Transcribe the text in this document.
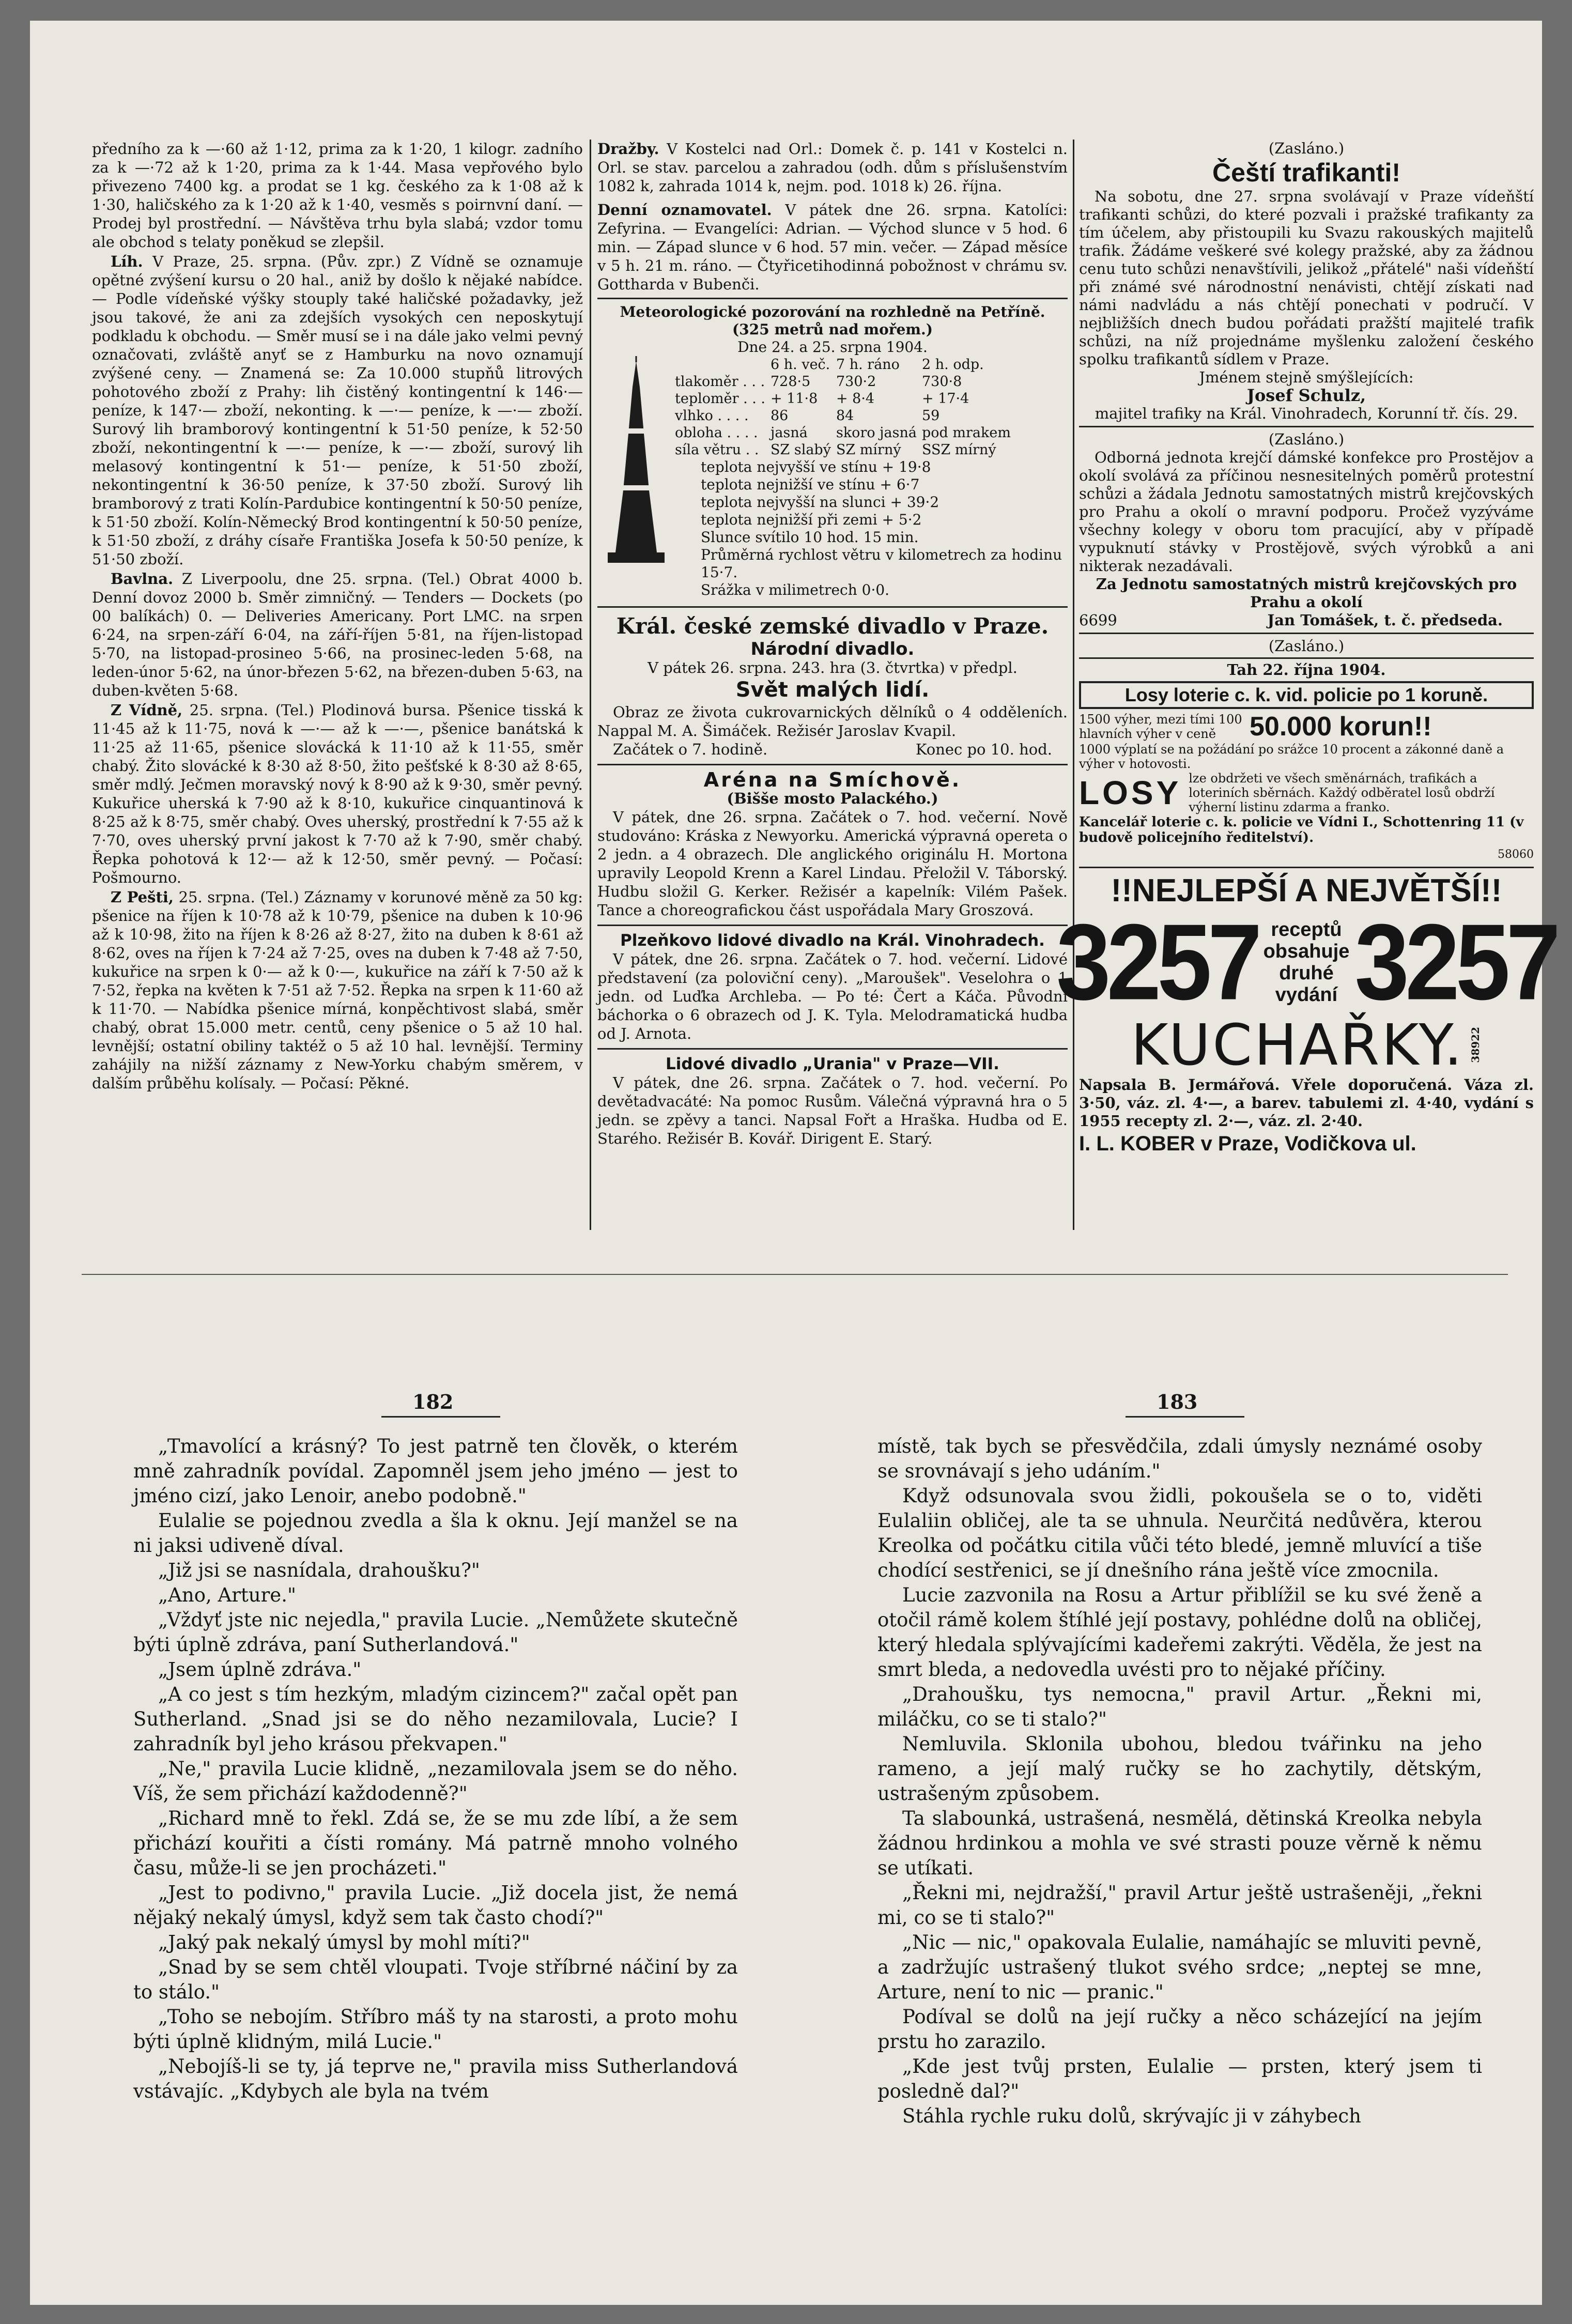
předního za k —·60 až 1·12, prima za k 1·20, 1 kilogr. zadního za k —·72 až k 1·20, prima za k 1·44. Masa vepřového bylo přivezeno 7400 kg. a prodat se 1 kg. českého za k 1·08 až k 1·30, haličského za k 1·20 až k 1·40, vesměs s poirnvní daní. — Prodej byl prostřední. — Návštěva trhu byla slabá; vzdor tomu ale obchod s telaty poněkud se zlepšil.

Líh. V Praze, 25. srpna. (Pův. zpr.) Z Vídně se oznamuje opětné zvýšení kursu o 20 hal., aniž by došlo k nějaké nabídce. — Podle vídeňské výšky stouply také haličské požadavky, jež jsou takové, že ani za zdejších vysokých cen neposkytují podkladu k obchodu. — Směr musí se i na dále jako velmi pevný označovati, zvláště anyť se z Hamburku na novo oznamují zvýšené ceny. — Znamená se: Za 10.000 stupňů litrových pohotového zboží z Prahy: lih čistěný kontingentní k 146·— peníze, k 147·— zboží, nekonting. k —·— peníze, k —·— zboží. Surový lih bramborový kontingentní k 51·50 peníze, k 52·50 zboží, nekontingentní k —·— peníze, k —·— zboží, surový lih melasový kontingentní k 51·— peníze, k 51·50 zboží, nekontingentní k 36·50 peníze, k 37·50 zboží. Surový lih bramborový z trati Kolín-Pardubice kontingentní k 50·50 peníze, k 51·50 zboží. Kolín-Německý Brod kontingentní k 50·50 peníze, k 51·50 zboží, z dráhy císaře Františka Josefa k 50·50 peníze, k 51·50 zboží.

Bavlna. Z Liverpoolu, dne 25. srpna. (Tel.) Obrat 4000 b. Denní dovoz 2000 b. Směr zimničný. — Tenders — Dockets (po 00 balíkách) 0. — Deliveries Americany. Port LMC. na srpen 6·24, na srpen-září 6·04, na září-říjen 5·81, na říjen-listopad 5·70, na listopad-prosineo 5·66, na prosinec-leden 5·68, na leden-únor 5·62, na únor-březen 5·62, na březen-duben 5·63, na duben-květen 5·68.

Z Vídně, 25. srpna. (Tel.) Plodinová bursa. Pšenice tisská k 11·45 až k 11·75, nová k —·— až k —·—, pšenice banátská k 11·25 až 11·65, pšenice slovácká k 11·10 až k 11·55, směr chabý. Žito slovácké k 8·30 až 8·50, žito pešťské k 8·30 až 8·65, směr mdlý. Ječmen moravský nový k 8·90 až k 9·30, směr pevný. Kukuřice uherská k 7·90 až k 8·10, kukuřice cinquantinová k 8·25 až k 8·75, směr chabý. Oves uherský, prostřední k 7·55 až k 7·70, oves uherský první jakost k 7·70 až k 7·90, směr chabý. Řepka pohotová k 12·— až k 12·50, směr pevný. — Počasí: Pošmourno.

Z Pešti, 25. srpna. (Tel.) Záznamy v korunové měně za 50 kg: pšenice na říjen k 10·78 až k 10·79, pšenice na duben k 10·96 až k 10·98, žito na říjen k 8·26 až 8·27, žito na duben k 8·61 až 8·62, oves na říjen k 7·24 až 7·25, oves na duben k 7·48 až 7·50, kukuřice na srpen k 0·— až k 0·—, kukuřice na září k 7·50 až k 7·52, řepka na květen k 7·51 až 7·52. Řepka na srpen k 11·60 až k 11·70. — Nabídka pšenice mírná, konpěchtivost slabá, směr chabý, obrat 15.000 metr. centů, ceny pšenice o 5 až 10 hal. levnější; ostatní obiliny taktéž o 5 až 10 hal. levnější. Terminy zahájily na nižší záznamy z New-Yorku chabým směrem, v dalším průběhu kolísaly. — Počasí: Pěkné.

Dražby. V Kostelci nad Orl.: Domek č. p. 141 v Kostelci n. Orl. se stav. parcelou a zahradou (odh. dům s příslušenstvím 1082 k, zahrada 1014 k, nejm. pod. 1018 k) 26. října.

Denní oznamovatel. V pátek dne 26. srpna. Katolíci: Zefyrina. — Evangelíci: Adrian. — Východ slunce v 5 hod. 6 min. — Západ slunce v 6 hod. 57 min. večer. — Západ měsíce v 5 h. 21 m. ráno. — Čtyřicetihodinná pobožnost v chrámu sv. Gottharda v Bubenči.

Meteorologické pozorování na rozhledně na Petříně.
(325 metrů nad mořem.)
Dne 24. a 25. srpna 1904.
	6 h. več.	7 h. ráno	2 h. odp.
tlakoměr . . .	728·5	730·2	730·8
teploměr . . .	+ 11·8	+ 8·4	+ 17·4
vlhko . . . .	86	84	59
obloha . . . .	jasná	skoro jasná	pod mrakem
síla větru . .	SZ slabý	SZ mírný	SSZ mírný
teplota nejvyšší ve stínu + 19·8
teplota nejnižší ve stínu + 6·7
teplota nejvyšší na slunci + 39·2
teplota nejnižší při zemi + 5·2
Slunce svítilo 10 hod. 15 min.
Průměrná rychlost větru v kilometrech za hodinu 15·7.
Srážka v milimetrech 0·0.
Král. české zemské divadlo v Praze.
Národní divadlo.
V pátek 26. srpna. 243. hra (3. čtvrtka) v předpl.
Svět malých lidí.

Obraz ze života cukrovarnických dělníků o 4 odděleních. Nappal M. A. Šimáček. Režisér Jaroslav Kvapil.

Začátek o 7. hodině.	Konec po 10. hod.
Aréna na Smíchově.
(Bišše mosto Palackého.)

V pátek, dne 26. srpna. Začátek o 7. hod. večerní. Nově studováno: Kráska z Newyorku. Americká výpravná opereta o 2 jedn. a 4 obrazech. Dle anglického originálu H. Mortona upravily Leopold Krenn a Karel Lindau. Přeložil V. Táborský. Hudbu složil G. Kerker. Režisér a kapelník: Vilém Pašek. Tance a choreografickou část uspořádala Mary Groszová.

Plzeňkovo lidové divadlo na Král. Vinohradech.

V pátek, dne 26. srpna. Začátek o 7. hod. večerní. Lidové představení (za poloviční ceny). „Maroušek". Veselohra o 1 jedn. od Luďka Archleba. — Po té: Čert a Káča. Původní báchorka o 6 obrazech od J. K. Tyla. Melodramatická hudba od J. Arnota.

Lidové divadlo „Urania" v Praze—VII.

V pátek, dne 26. srpna. Začátek o 7. hod. večerní. Po devětadvacáté: Na pomoc Rusům. Válečná výpravná hra o 5 jedn. se zpěvy a tanci. Napsal Fořt a Hraška. Hudba od E. Starého. Režisér B. Kovář. Dirigent E. Starý.

(Zasláno.)
Čeští trafikanti!

Na sobotu, dne 27. srpna svolávají v Praze vídeňští trafikanti schůzi, do které pozvali i pražské trafikanty za tím účelem, aby přistoupili ku Svazu rakouských majitelů trafik. Žádáme veškeré své kolegy pražské, aby za žádnou cenu tuto schůzi nenavštívili, jelikož „přátelé" naši vídeňští při známé své národnostní nenávisti, chtějí získati nad námi nadvládu a nás chtějí ponechati v područí. V nejbližších dnech budou pořádati pražští majitelé trafik schůzi, na níž projednáme myšlenku založení českého spolku trafikantů sídlem v Praze.

Jménem stejně smýšlejících:
Josef Schulz,
majitel trafiky na Král. Vinohradech, Korunní tř. čís. 29.
(Zasláno.)

Odborná jednota krejčí dámské konfekce pro Prostějov a okolí svolává za příčinou nesnesitelných poměrů protestní schůzi a žádala Jednotu samostatných mistrů krejčovských pro Prahu a okolí o mravní podporu. Pročež vyzýváme všechny kolegy v oboru tom pracující, aby v případě vypuknutí stávky v Prostějově, svých výrobků a ani nikterak nezadávali.

Za Jednotu samostatných mistrů krejčovských pro Prahu a okolí
6699	Jan Tomášek, t. č. předseda.
(Zasláno.)
Tah 22. října 1904.
Losy loterie c. k. vid. policie po 1 koruně.
1500 výher, mezi tími 100 hlavních výher v ceně	50.000 korun!!
1000 výplatí se na požádání po srážce 10 procent a zákonné daně a výher v hotovosti.
LOSY lze obdržeti ve všech směnárnách, trafikách a loteriních sběrnách. Každý odběratel losů obdrží výherní listinu zdarma a franko.
Kancelář loterie c. k. policie ve Vídni I., Schottenring 11 (v budově policejního ředitelství).
58060
!!NEJLEPŠÍ A NEJVĚTŠÍ!!
3257 receptů
obsahuje
druhé
vydání 3257
KUCHAŘKY. 38922
Napsala B. Jermářová. Vřele doporučená. Váza zl. 3·50, váz. zl. 4·—, a barev. tabulemi zl. 4·40, vydání s 1955 recepty zl. 2·—, váz. zl. 2·40.
I. L. KOBER v Praze, Vodičkova ul.
182	183

„Tmavolící a krásný? To jest patrně ten člověk, o kterém mně zahradník povídal. Zapomněl jsem jeho jméno — jest to jméno cizí, jako Lenoir, anebo podobně."

Eulalie se pojednou zvedla a šla k oknu. Její manžel se na ni jaksi udiveně díval.

„Již jsi se nasnídala, drahoušku?"

„Ano, Arture."

„Vždyť jste nic nejedla," pravila Lucie. „Nemůžete skutečně býti úplně zdráva, paní Sutherlandová."

„Jsem úplně zdráva."

„A co jest s tím hezkým, mladým cizincem?" začal opět pan Sutherland. „Snad jsi se do něho nezamilovala, Lucie? I zahradník byl jeho krásou překvapen."

„Ne," pravila Lucie klidně, „nezamilovala jsem se do něho. Víš, že sem přichází každodenně?"

„Richard mně to řekl. Zdá se, že se mu zde líbí, a že sem přichází kouřiti a čísti romány. Má patrně mnoho volného času, může-li se jen procházeti."

„Jest to podivno," pravila Lucie. „Již docela jist, že nemá nějaký nekalý úmysl, když sem tak často chodí?"

„Jaký pak nekalý úmysl by mohl míti?"

„Snad by se sem chtěl vloupati. Tvoje stříbrné náčiní by za to stálo."

„Toho se nebojím. Stříbro máš ty na starosti, a proto mohu býti úplně klidným, milá Lucie."

„Nebojíš-li se ty, já teprve ne," pravila miss Sutherlandová vstávajíc. „Kdybych ale byla na tvém

místě, tak bych se přesvědčila, zdali úmysly neznámé osoby se srovnávají s jeho udáním."

Když odsunovala svou židli, pokoušela se o to, viděti Eulaliin obličej, ale ta se uhnula. Neurčitá nedůvěra, kterou Kreolka od počátku citila vůči této bledé, jemně mluvící a tiše chodící sestřenici, se jí dnešního rána ještě více zmocnila.

Lucie zazvonila na Rosu a Artur přiblížil se ku své ženě a otočil rámě kolem štíhlé její postavy, pohlédne dolů na obličej, který hledala splývajícími kadeřemi zakrýti. Věděla, že jest na smrt bleda, a nedovedla uvésti pro to nějaké příčiny.

„Drahoušku, tys nemocna," pravil Artur. „Řekni mi, miláčku, co se ti stalo?"

Nemluvila. Sklonila ubohou, bledou tvářinku na jeho rameno, a její malý ručky se ho zachytily, dětským, ustrašeným způsobem.

Ta slabounká, ustrašená, nesmělá, dětinská Kreolka nebyla žádnou hrdinkou a mohla ve své strasti pouze věrně k němu se utíkati.

„Řekni mi, nejdražší," pravil Artur ještě ustrašeněji, „řekni mi, co se ti stalo?"

„Nic — nic," opakovala Eulalie, namáhajíc se mluviti pevně, a zadržujíc ustrašený tlukot svého srdce; „neptej se mne, Arture, není to nic — pranic."

Podíval se dolů na její ručky a něco scházející na jejím prstu ho zarazilo.

„Kde jest tvůj prsten, Eulalie — prsten, který jsem ti posledně dal?"

Stáhla rychle ruku dolů, skrývajíc ji v záhybech
